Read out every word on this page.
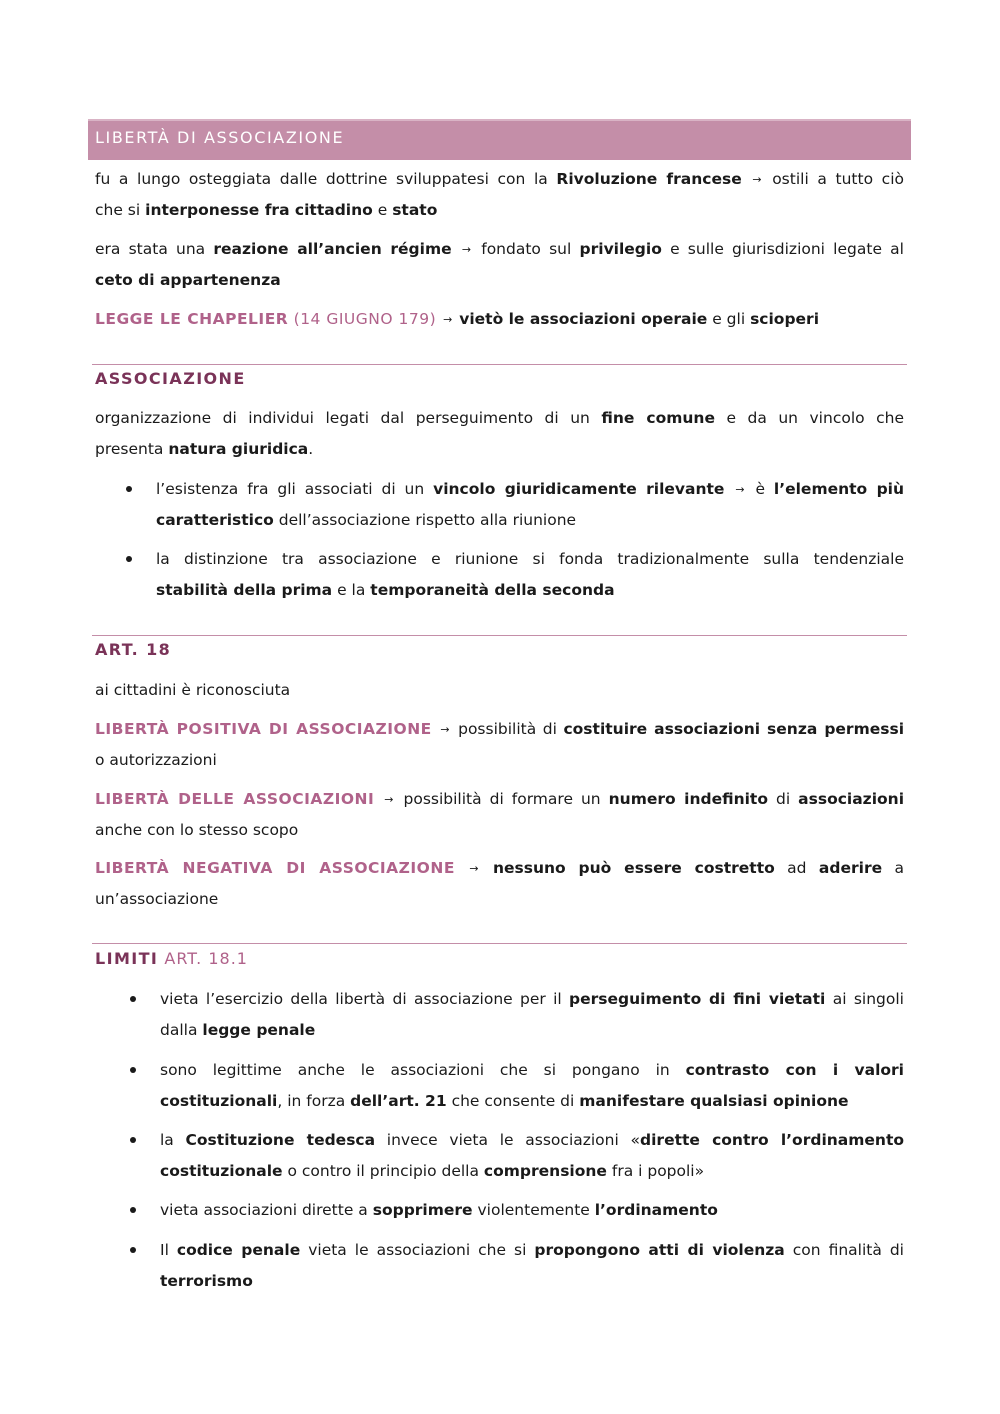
LIBERTÀ DI ASSOCIAZIONE
fu a lungo osteggiata dalle dottrine sviluppatesi con la Rivoluzione francese → ostili a tutto ciò
che si interponesse fra cittadino e stato
era stata una reazione all’ancien régime → fondato sul privilegio e sulle giurisdizioni legate al
ceto di appartenenza
LEGGE LE CHAPELIER (14 GIUGNO 179) → vietò le associazioni operaie e gli scioperi
ASSOCIAZIONE
organizzazione di individui legati dal perseguimento di un fine comune e da un vincolo che
presenta natura giuridica.
l’esistenza fra gli associati di un vincolo giuridicamente rilevante → è l’elemento più
caratteristico dell’associazione rispetto alla riunione
la distinzione tra associazione e riunione si fonda tradizionalmente sulla tendenziale
stabilità della prima e la temporaneità della seconda
ART. 18
ai cittadini è riconosciuta
LIBERTÀ POSITIVA DI ASSOCIAZIONE → possibilità di costituire associazioni senza permessi
o autorizzazioni
LIBERTÀ DELLE ASSOCIAZIONI → possibilità di formare un numero indefinito di associazioni
anche con lo stesso scopo
LIBERTÀ NEGATIVA DI ASSOCIAZIONE → nessuno può essere costretto ad aderire a
un’associazione
LIMITI ART. 18.1
vieta l’esercizio della libertà di associazione per il perseguimento di fini vietati ai singoli
dalla legge penale
sono legittime anche le associazioni che si pongano in contrasto con i valori
costituzionali, in forza dell’art. 21 che consente di manifestare qualsiasi opinione
la Costituzione tedesca invece vieta le associazioni «dirette contro l’ordinamento
costituzionale o contro il principio della comprensione fra i popoli»
vieta associazioni dirette a sopprimere violentemente l’ordinamento
Il codice penale vieta le associazioni che si propongono atti di violenza con finalità di
terrorismo
